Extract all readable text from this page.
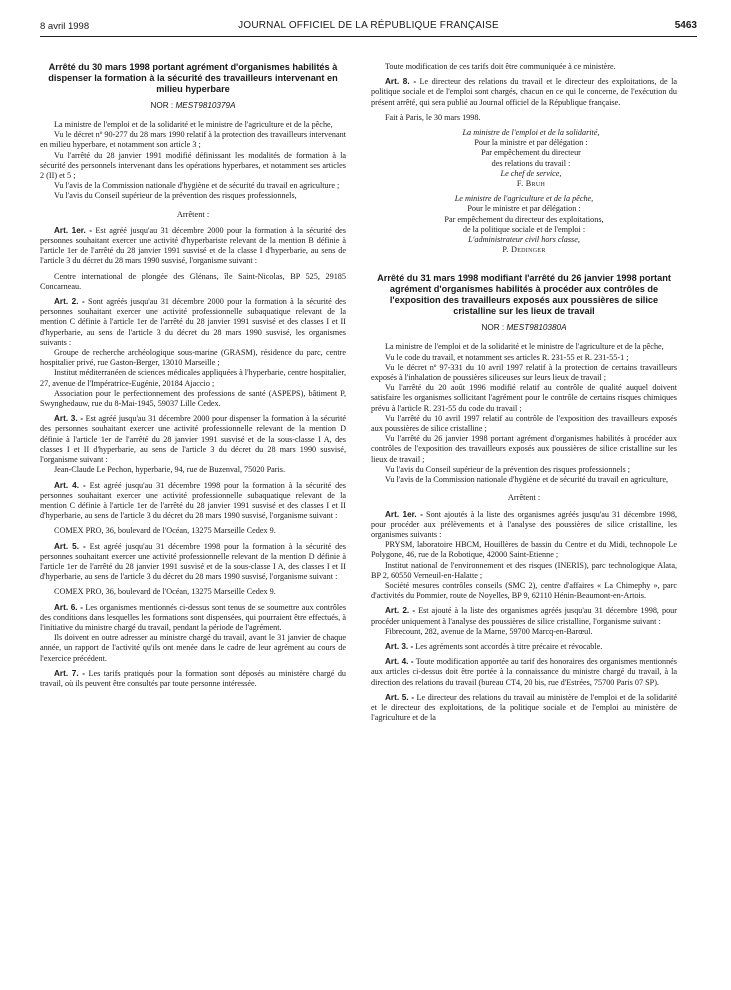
8 avril 1998	JOURNAL OFFICIEL DE LA RÉPUBLIQUE FRANÇAISE	5463
Arrêté du 30 mars 1998 portant agrément d'organismes habilités à dispenser la formation à la sécurité des travailleurs intervenant en milieu hyperbare
NOR : MEST9810379A

La ministre de l'emploi et de la solidarité et le ministre de l'agriculture et de la pêche,

Vu le décret nº 90-277 du 28 mars 1990 relatif à la protection des travailleurs intervenant en milieu hyperbare, et notamment son article 3 ;

Vu l'arrêté du 28 janvier 1991 modifié définissant les modalités de formation à la sécurité des personnels intervenant dans les opérations hyperbares, et notamment ses articles 2 (II) et 5 ;

Vu l'avis de la Commission nationale d'hygiène et de sécurité du travail en agriculture ;

Vu l'avis du Conseil supérieur de la prévention des risques professionnels,

Arrêtent :

Art. 1er. - Est agréé jusqu'au 31 décembre 2000 pour la formation à la sécurité des personnes souhaitant exercer une activité d'hyperbariste relevant de la mention B définie à l'article 1er de l'arrêté du 28 janvier 1991 susvisé et de la classe I d'hyperbarie, au sens de l'article 3 du décret du 28 mars 1990 susvisé, l'organisme suivant :

Centre international de plongée des Glénans, île Saint-Nicolas, BP 525, 29185 Concarneau.

Art. 2. - Sont agréés jusqu'au 31 décembre 2000 pour la formation à la sécurité des personnes souhaitant exercer une activité professionnelle subaquatique relevant de la mention C définie à l'article 1er de l'arrêté du 28 janvier 1991 susvisé et des classes I et II d'hyperbarie, au sens de l'article 3 du décret du 28 mars 1990 susvisé, les organismes suivants :

Groupe de recherche archéologique sous-marine (GRASM), résidence du parc, centre hospitalier privé, rue Gaston-Berger, 13010 Marseille ;

Institut méditerranéen de sciences médicales appliquées à l'hyperbarie, centre hospitalier, 27, avenue de l'Impératrice-Eugénie, 20184 Ajaccio ;

Association pour le perfectionnement des professions de santé (ASPEPS), bâtiment P, Swynghedauw, rue du 8-Mai-1945, 59037 Lille Cedex.

Art. 3. - Est agréé jusqu'au 31 décembre 2000 pour dispenser la formation à la sécurité des personnes souhaitant exercer une activité professionnelle relevant de la mention D définie à l'article 1er de l'arrêté du 28 janvier 1991 susvisé et de la sous-classe I A, des classes I et II d'hyperbarie, au sens de l'article 3 du décret du 28 mars 1990 susvisé, l'organisme suivant :

Jean-Claude Le Pechon, hyperbarie, 94, rue de Buzenval, 75020 Paris.

Art. 4. - Est agréé jusqu'au 31 décembre 1998 pour la formation à la sécurité des personnes souhaitant exercer une activité professionnelle subaquatique relevant de la mention C définie à l'article 1er de l'arrêté du 28 janvier 1991 susvisé et des classes I et II d'hyperbarie, au sens de l'article 3 du décret du 28 mars 1990 susvisé, l'organisme suivant :

COMEX PRO, 36, boulevard de l'Océan, 13275 Marseille Cedex 9.

Art. 5. - Est agréé jusqu'au 31 décembre 1998 pour la formation à la sécurité des personnes souhaitant exercer une activité professionnelle relevant de la mention D définie à l'article 1er de l'arrêté du 28 janvier 1991 susvisé et de la sous-classe I A, des classes I et II d'hyperbarie, au sens de l'article 3 du décret du 28 mars 1990 susvisé, l'organisme suivant :

COMEX PRO, 36, boulevard de l'Océan, 13275 Marseille Cedex 9.

Art. 6. - Les organismes mentionnés ci-dessus sont tenus de se soumettre aux contrôles des conditions dans lesquelles les formations sont dispensées, qui pourraient être effectués, à l'initiative du ministre chargé du travail, pendant la période de l'agrément.

Ils doivent en outre adresser au ministre chargé du travail, avant le 31 janvier de chaque année, un rapport de l'activité qu'ils ont menée dans le cadre de leur agrément au cours de l'exercice précédent.

Art. 7. - Les tarifs pratiqués pour la formation sont déposés au ministère chargé du travail, où ils peuvent être consultés par toute personne intéressée.

Toute modification de ces tarifs doit être communiquée à ce ministère.

Art. 8. - Le directeur des relations du travail et le directeur des exploitations, de la politique sociale et de l'emploi sont chargés, chacun en ce qui le concerne, de l'exécution du présent arrêté, qui sera publié au Journal officiel de la République française.

Fait à Paris, le 30 mars 1998.

La ministre de l'emploi et de la solidarité,

Pour la ministre et par délégation :

Par empêchement du directeur

des relations du travail :

Le chef de service,

F. Bruн

Le ministre de l'agriculture et de la pêche,

Pour le ministre et par délégation :

Par empêchement du directeur des exploitations,

de la politique sociale et de l'emploi :

L'administrateur civil hors classe,

P. Dedinger

Arrêté du 31 mars 1998 modifiant l'arrêté du 26 janvier 1998 portant agrément d'organismes habilités à procéder aux contrôles de l'exposition des travailleurs exposés aux poussières de silice cristalline sur les lieux de travail
NOR : MEST9810380A

La ministre de l'emploi et de la solidarité et le ministre de l'agriculture et de la pêche,

Vu le code du travail, et notamment ses articles R. 231-55 et R. 231-55-1 ;

Vu le décret nº 97-331 du 10 avril 1997 relatif à la protection de certains travailleurs exposés à l'inhalation de poussières siliceuses sur leurs lieux de travail ;

Vu l'arrêté du 20 août 1996 modifié relatif au contrôle de qualité auquel doivent satisfaire les organismes sollicitant l'agrément pour le contrôle de certains risques chimiques prévu à l'article R. 231-55 du code du travail ;

Vu l'arrêté du 10 avril 1997 relatif au contrôle de l'exposition des travailleurs exposés aux poussières de silice cristalline ;

Vu l'arrêté du 26 janvier 1998 portant agrément d'organismes habilités à procéder aux contrôles de l'exposition des travailleurs exposés aux poussières de silice cristalline sur les lieux de travail ;

Vu l'avis du Conseil supérieur de la prévention des risques professionnels ;

Vu l'avis de la Commission nationale d'hygiène et de sécurité du travail en agriculture,

Arrêtent :

Art. 1er. - Sont ajoutés à la liste des organismes agréés jusqu'au 31 décembre 1998, pour procéder aux prélèvements et à l'analyse des poussières de silice cristalline, les organismes suivants :

PRYSM, laboratoire HBCM, Houillères de bassin du Centre et du Midi, technopole Le Polygone, 46, rue de la Robotique, 42000 Saint-Etienne ;

Institut national de l'environnement et des risques (INERIS), parc technologique Alata, BP 2, 60550 Verneuil-en-Halatte ;

Société mesures contrôles conseils (SMC 2), centre d'affaires « La Chimephy », parc d'activités du Pommier, route de Noyelles, BP 9, 62110 Hénin-Beaumont-en-Artois.

Art. 2. - Est ajouté à la liste des organismes agréés jusqu'au 31 décembre 1998, pour procéder uniquement à l'analyse des poussières de silice cristalline, l'organisme suivant :

Fibrecount, 282, avenue de la Marne, 59700 Marcq-en-Barœul.

Art. 3. - Les agréments sont accordés à titre précaire et révocable.

Art. 4. - Toute modification apportée au tarif des honoraires des organismes mentionnés aux articles ci-dessus doit être portée à la connaissance du ministre chargé du travail, à la direction des relations du travail (bureau CT4, 20 bis, rue d'Estrées, 75700 Paris 07 SP).

Art. 5. - Le directeur des relations du travail au ministère de l'emploi et de la solidarité et le directeur des exploitations, de la politique sociale et de l'emploi au ministère de l'agriculture et de la
